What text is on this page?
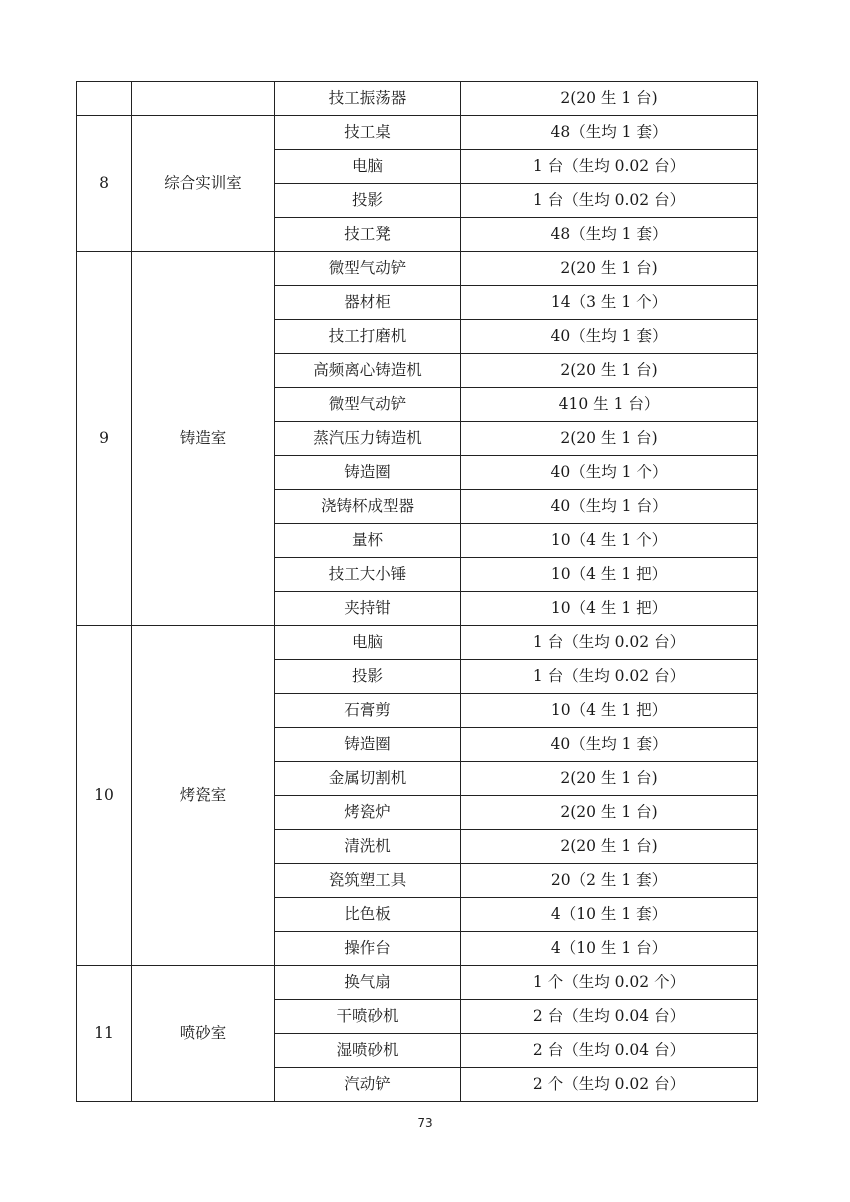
		技工振荡器	2(20 生 1 台)
8	综合实训室	技工桌	48（生均 1 套）
		电脑	1 台（生均 0.02 台）
		投影	1 台（生均 0.02 台）
		技工凳	48（生均 1 套）
9	铸造室	微型气动铲	2(20 生 1 台)
		器材柜	14（3 生 1 个）
		技工打磨机	40（生均 1 套）
		高频离心铸造机	2(20 生 1 台)
		微型气动铲	410 生 1 台）
		蒸汽压力铸造机	2(20 生 1 台)
		铸造圈	40（生均 1 个）
		浇铸杯成型器	40（生均 1 台）
		量杯	10（4 生 1 个）
		技工大小锤	10（4 生 1 把）
		夹持钳	10（4 生 1 把）
10	烤瓷室	电脑	1 台（生均 0.02 台）
		投影	1 台（生均 0.02 台）
		石膏剪	10（4 生 1 把）
		铸造圈	40（生均 1 套）
		金属切割机	2(20 生 1 台)
		烤瓷炉	2(20 生 1 台)
		清洗机	2(20 生 1 台)
		瓷筑塑工具	20（2 生 1 套）
		比色板	4（10 生 1 套）
		操作台	4（10 生 1 台）
11	喷砂室	换气扇	1 个（生均 0.02 个）
		干喷砂机	2 台（生均 0.04 台）
		湿喷砂机	2 台（生均 0.04 台）
		汽动铲	2 个（生均 0.02 台）
73
